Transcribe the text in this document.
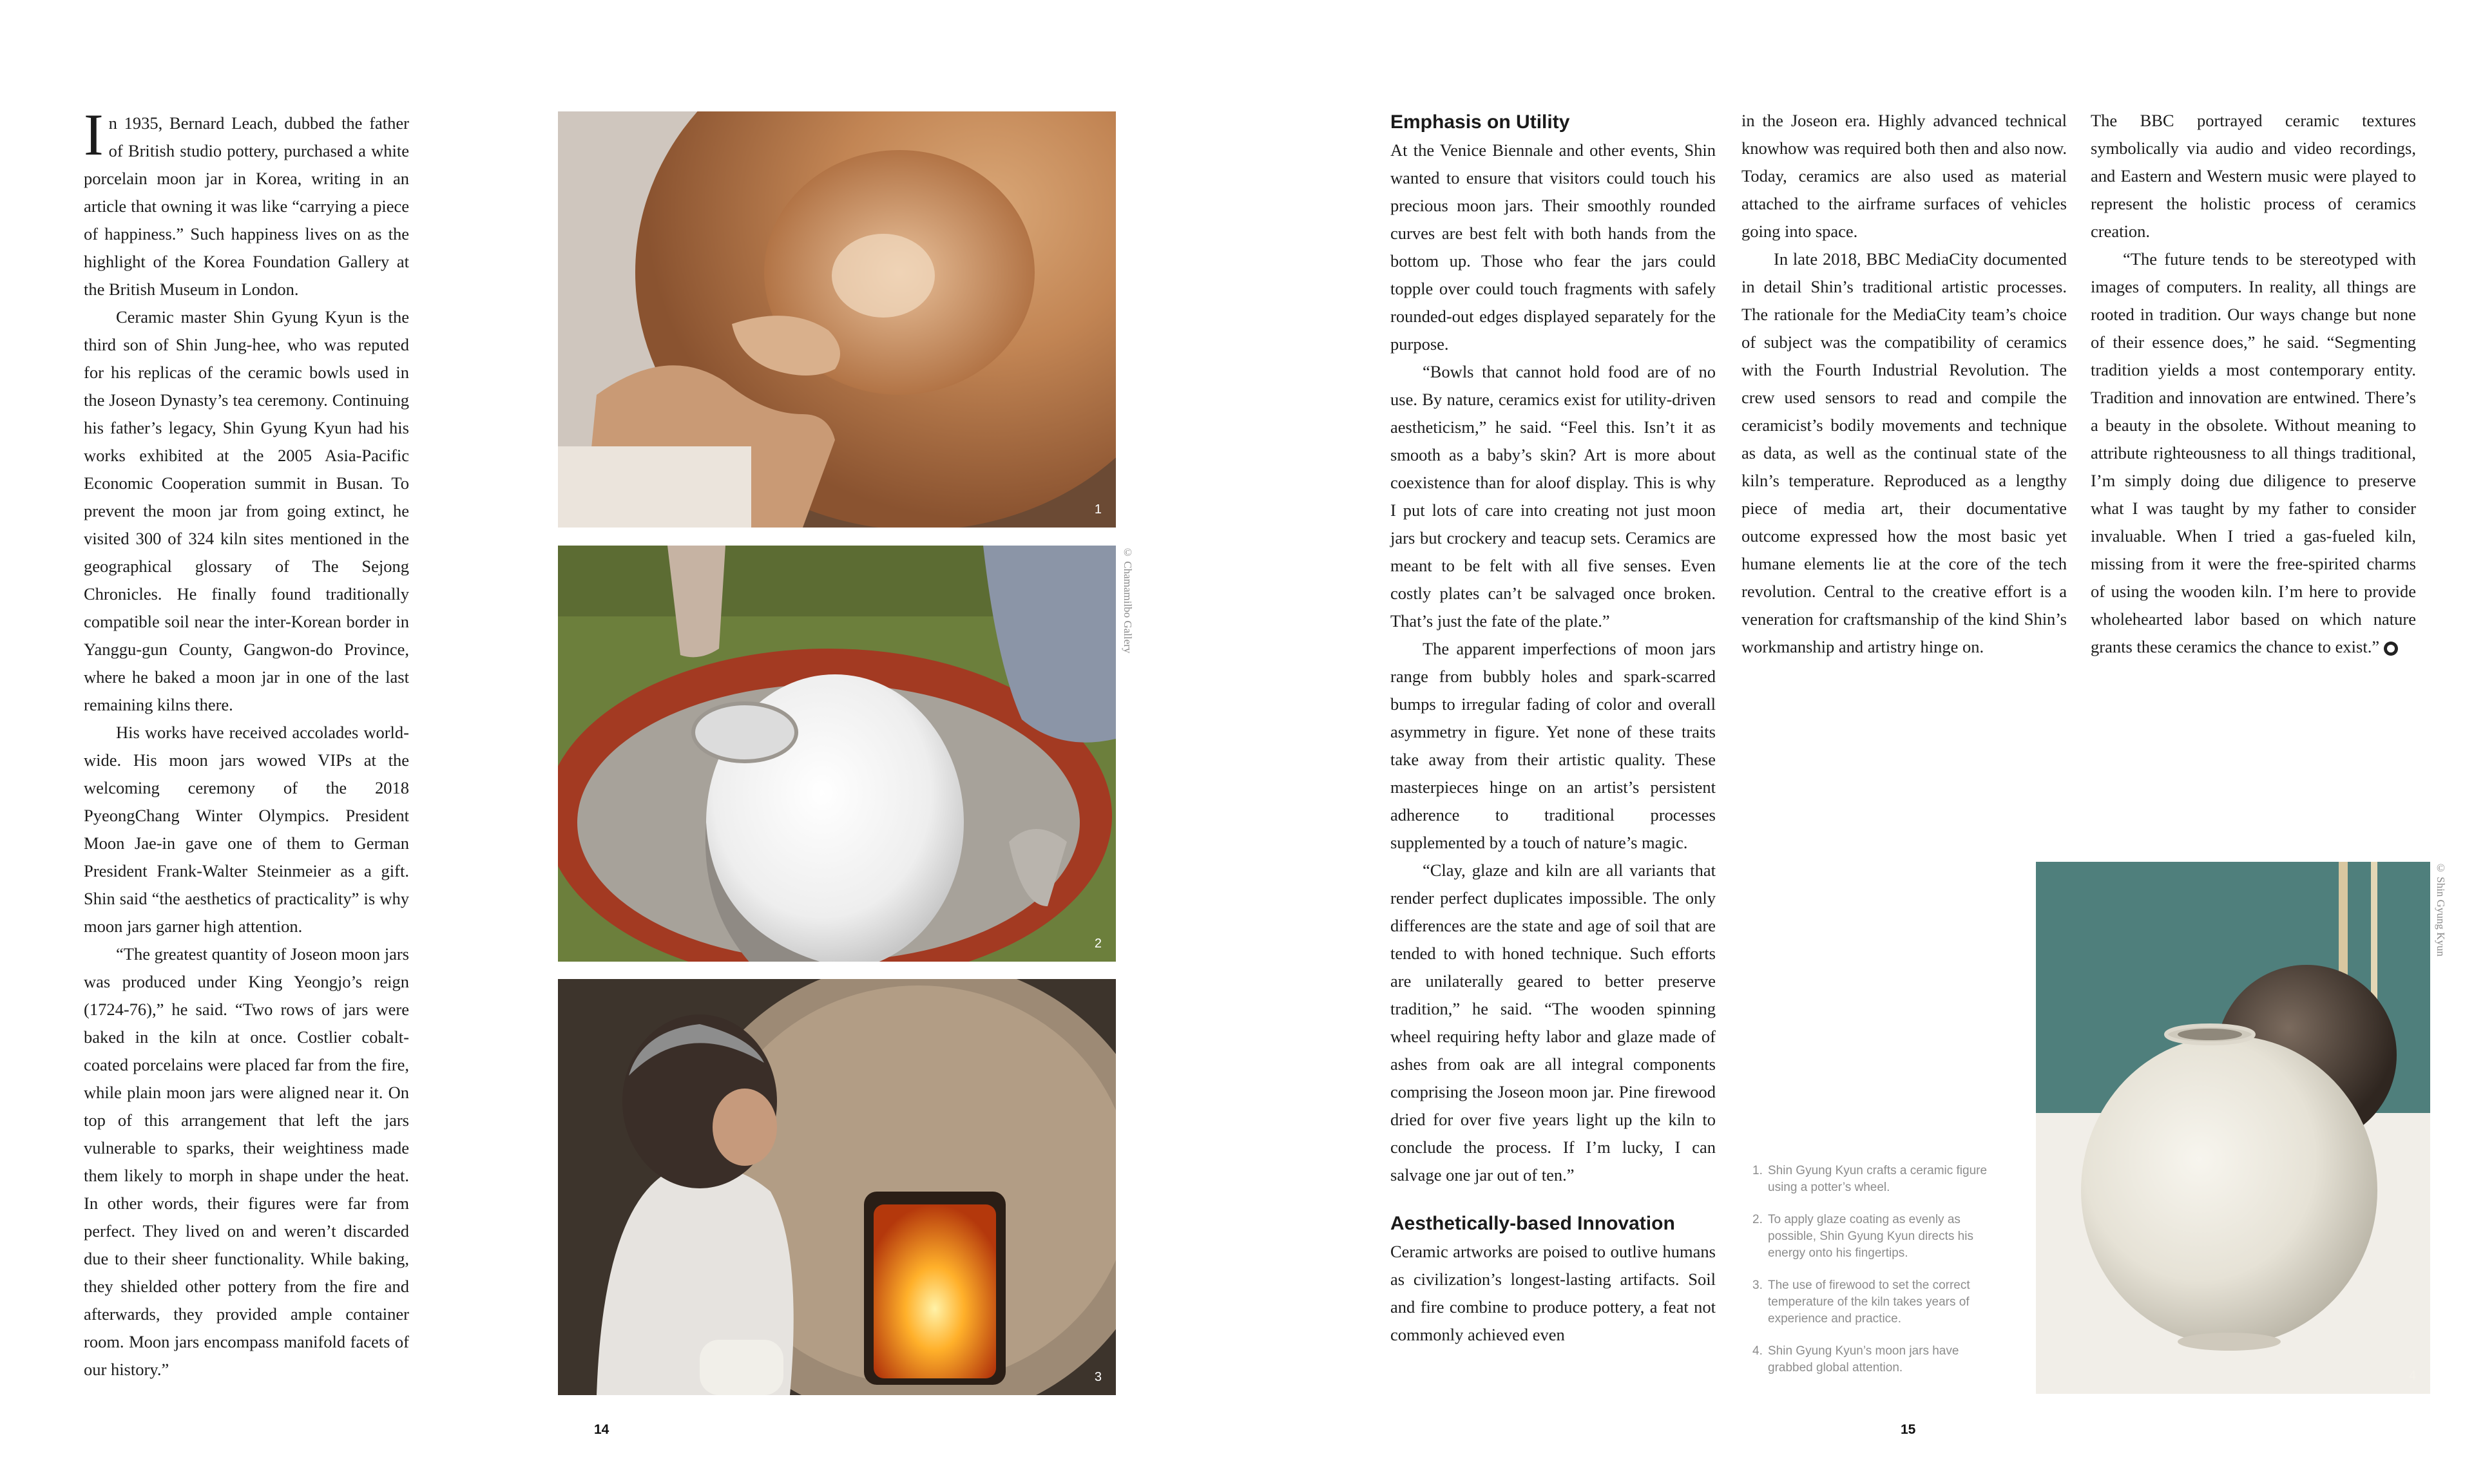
In 1935, Bernard Leach, dubbed the father of British studio pottery, purchased a white porcelain moon jar in Korea, writing in an article that owning it was like “carrying a piece of happiness.” Such happiness lives on as the highlight of the Korea Foundation Gallery at the British Museum in London.

Ceramic master Shin Gyung Kyun is the third son of Shin Jung-hee, who was reputed for his replicas of the ceramic bowls used in the Joseon Dynasty’s tea ceremony. Continuing his father’s legacy, Shin Gyung Kyun had his works exhibited at the 2005 Asia-Pacific Economic Cooperation summit in Busan. To prevent the moon jar from going extinct, he visited 300 of 324 kiln sites mentioned in the geographical glossary of The Sejong Chronicles. He finally found traditionally compatible soil near the inter-Korean border in Yanggu-gun County, Gangwon-do Province, where he baked a moon jar in one of the last remaining kilns there.

His works have received accolades world-wide. His moon jars wowed VIPs at the welcoming ceremony of the 2018 PyeongChang Winter Olympics. President Moon Jae-in gave one of them to German President Frank-Walter Steinmeier as a gift. Shin said “the aesthetics of practicality” is why moon jars garner high attention.

“The greatest quantity of Joseon moon jars was produced under King Yeongjo’s reign (1724-76),” he said. “Two rows of jars were baked in the kiln at once. Costlier cobalt-coated porcelains were placed far from the fire, while plain moon jars were aligned near it. On top of this arrangement that left the jars vulnerable to sparks, their weightiness made them likely to morph in shape under the heat. In other words, their figures were far from perfect. They lived on and weren’t discarded due to their sheer functionality. While baking, they shielded other pottery from the fire and afterwards, they provided ample container room. Moon jars encompass manifold facets of our history.”

1
2
3
© Chamamilbo Gallery
14
Emphasis on Utility

At the Venice Biennale and other events, Shin wanted to ensure that visitors could touch his precious moon jars. Their smoothly rounded curves are best felt with both hands from the bottom up. Those who fear the jars could topple over could touch fragments with safely rounded-out edges displayed separately for the purpose.

“Bowls that cannot hold food are of no use. By nature, ceramics exist for utility-driven aestheticism,” he said. “Feel this. Isn’t it as smooth as a baby’s skin? Art is more about coexistence than for aloof display. This is why I put lots of care into creating not just moon jars but crockery and teacup sets. Ceramics are meant to be felt with all five senses. Even costly plates can’t be salvaged once broken. That’s just the fate of the plate.”

The apparent imperfections of moon jars range from bubbly holes and spark-scarred bumps to irregular fading of color and overall asymmetry in figure. Yet none of these traits take away from their artistic quality. These masterpieces hinge on an artist’s persistent adherence to traditional processes supplemented by a touch of nature’s magic.

“Clay, glaze and kiln are all variants that render perfect duplicates impossible. The only differences are the state and age of soil that are tended to with honed technique. Such efforts are unilaterally geared to better preserve tradition,” he said. “The wooden spinning wheel requiring hefty labor and glaze made of ashes from oak are all integral components comprising the Joseon moon jar. Pine firewood dried for over five years light up the kiln to conclude the process. If I’m lucky, I can salvage one jar out of ten.”

Aesthetically-based Innovation

Ceramic artworks are poised to outlive humans as civilization’s longest-lasting artifacts. Soil and fire combine to produce pottery, a feat not commonly achieved even

in the Joseon era. Highly advanced technical knowhow was required both then and also now. Today, ceramics are also used as material attached to the airframe surfaces of vehicles going into space.

In late 2018, BBC MediaCity documented in detail Shin’s traditional artistic processes. The rationale for the MediaCity team’s choice of subject was the compatibility of ceramics with the Fourth Industrial Revolution. The crew used sensors to read and compile the ceramicist’s bodily movements and technique as data, as well as the continual state of the kiln’s temperature. Reproduced as a lengthy piece of media art, their documentative outcome expressed how the most basic yet humane elements lie at the core of the tech revolution. Central to the creative effort is a veneration for craftsmanship of the kind Shin’s workmanship and artistry hinge on.

The BBC portrayed ceramic textures symbolically via audio and video recordings, and Eastern and Western music were played to represent the holistic process of ceramics creation.

“The future tends to be stereotyped with images of computers. In reality, all things are rooted in tradition. Our ways change but none of their essence does,” he said. “Segmenting tradition yields a most contemporary entity. Tradition and innovation are entwined. There’s a beauty in the obsolete. Without meaning to attribute righteousness to all things traditional, I’m simply doing due diligence to preserve what I was taught by my father to consider invaluable. When I tried a gas-fueled kiln, missing from it were the free-spirited charms of using the wooden kiln. I’m here to provide wholehearted labor based on which nature grants these ceramics the chance to exist.”

1. Shin Gyung Kyun crafts a ceramic figure using a potter’s wheel.
2. To apply glaze coating as evenly as possible, Shin Gyung Kyun directs his energy onto his fingertips.
3. The use of firewood to set the correct temperature of the kiln takes years of experience and practice.
4. Shin Gyung Kyun’s moon jars have grabbed global attention.
4
© Shin Gyung Kyun
15
